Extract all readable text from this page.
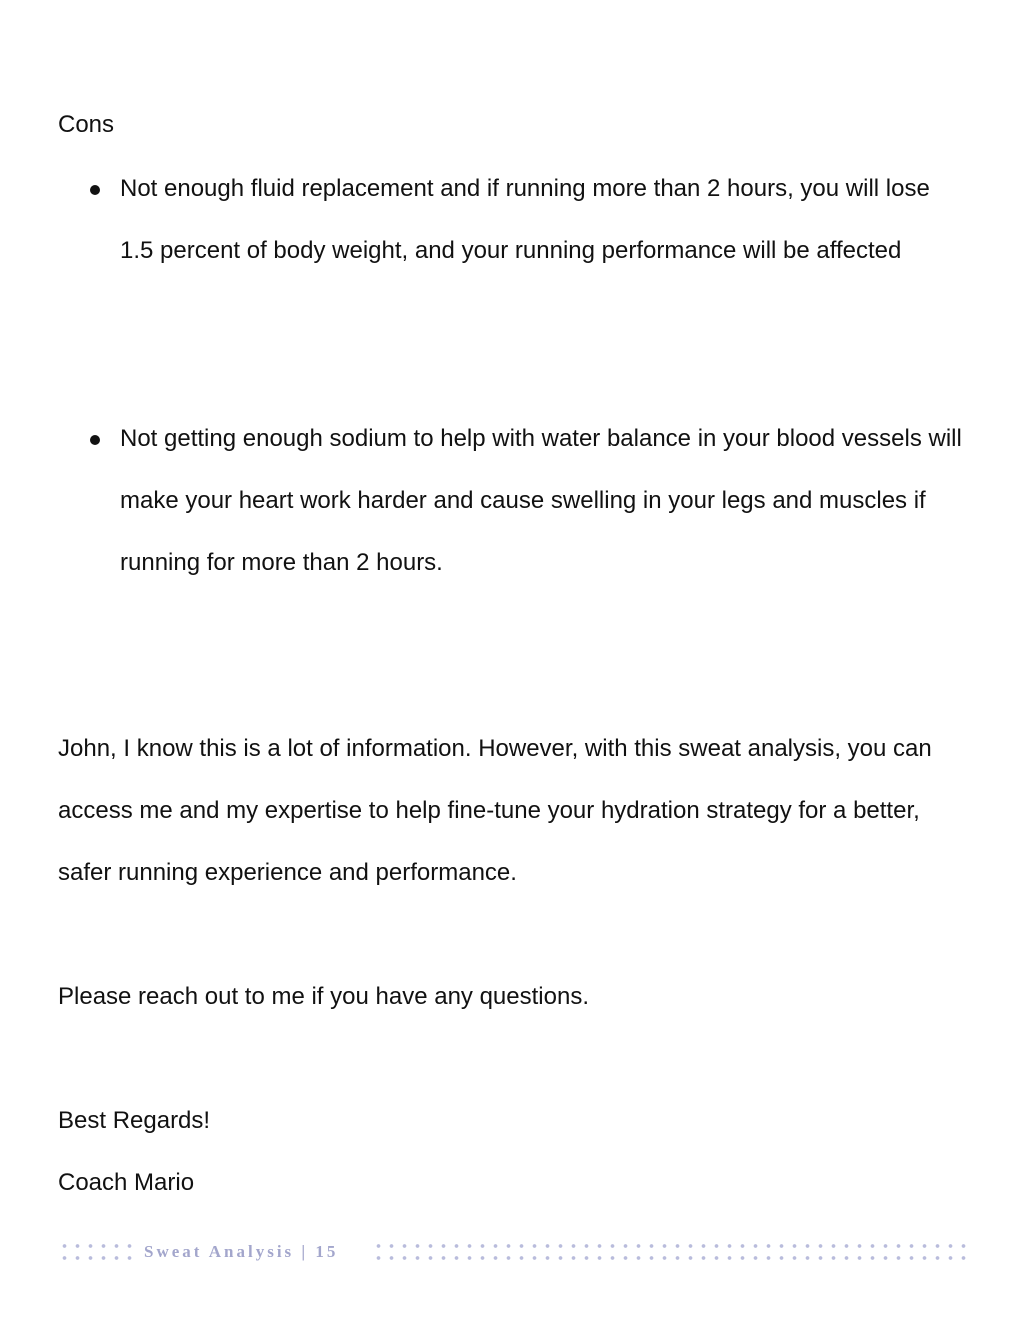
Cons
Not enough fluid replacement and if running more than 2 hours, you will lose 1.5 percent of body weight, and your running performance will be affected
Not getting enough sodium to help with water balance in your blood vessels will make your heart work harder and cause swelling in your legs and muscles if running for more than 2 hours.

John, I know this is a lot of information. However, with this sweat analysis, you can access me and my expertise to help fine-tune your hydration strategy for a better, safer running experience and performance.

Please reach out to me if you have any questions.

Best Regards!

Coach Mario

Sweat Analysis | 15
